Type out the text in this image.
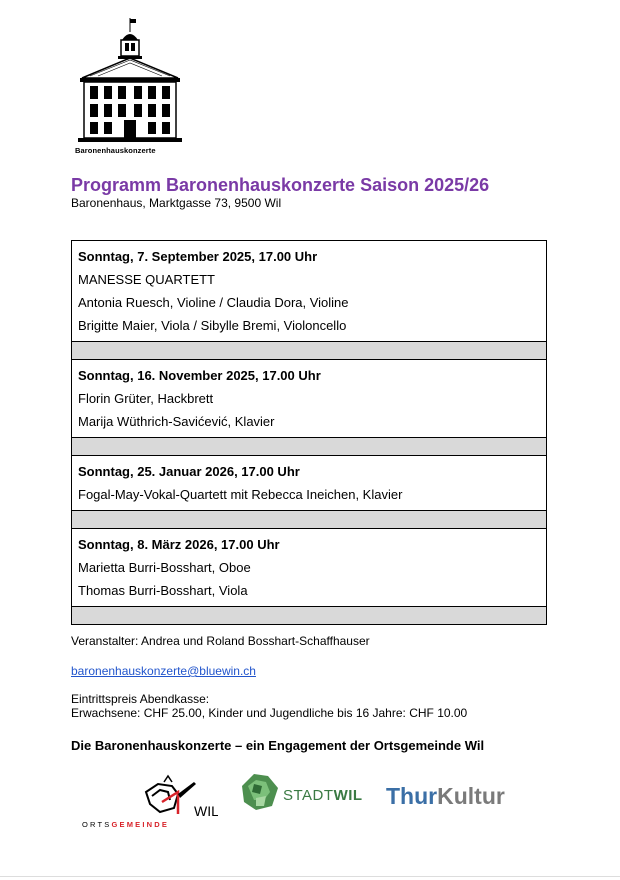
Baronenhauskonzerte
Programm Baronenhauskonzerte Saison 2025/26
Baronenhaus, Marktgasse 73, 9500 Wil
Sonntag, 7. September 2025, 17.00 Uhr
MANESSE QUARTETT
Antonia Ruesch, Violine / Claudia Dora, Violine
Brigitte Maier, Viola / Sibylle Bremi, Violoncello
Sonntag, 16. November 2025, 17.00 Uhr
Florin Grüter, Hackbrett
Marija Wüthrich-Savićević, Klavier
Sonntag, 25. Januar 2026, 17.00 Uhr
Fogal-May-Vokal-Quartett mit Rebecca Ineichen, Klavier
Sonntag, 8. März 2026, 17.00 Uhr
Marietta Burri-Bosshart, Oboe
Thomas Burri-Bosshart, Viola
Veranstalter: Andrea und Roland Bosshart-Schaffhauser
baronenhauskonzerte@bluewin.ch
Eintrittspreis Abendkasse:
Erwachsene: CHF 25.00, Kinder und Jugendliche bis 16 Jahre: CHF 10.00
Die Baronenhauskonzerte – ein Engagement der Ortsgemeinde Wil
WIL
ORTSGEMEINDE
STADTWIL ThurKultur
